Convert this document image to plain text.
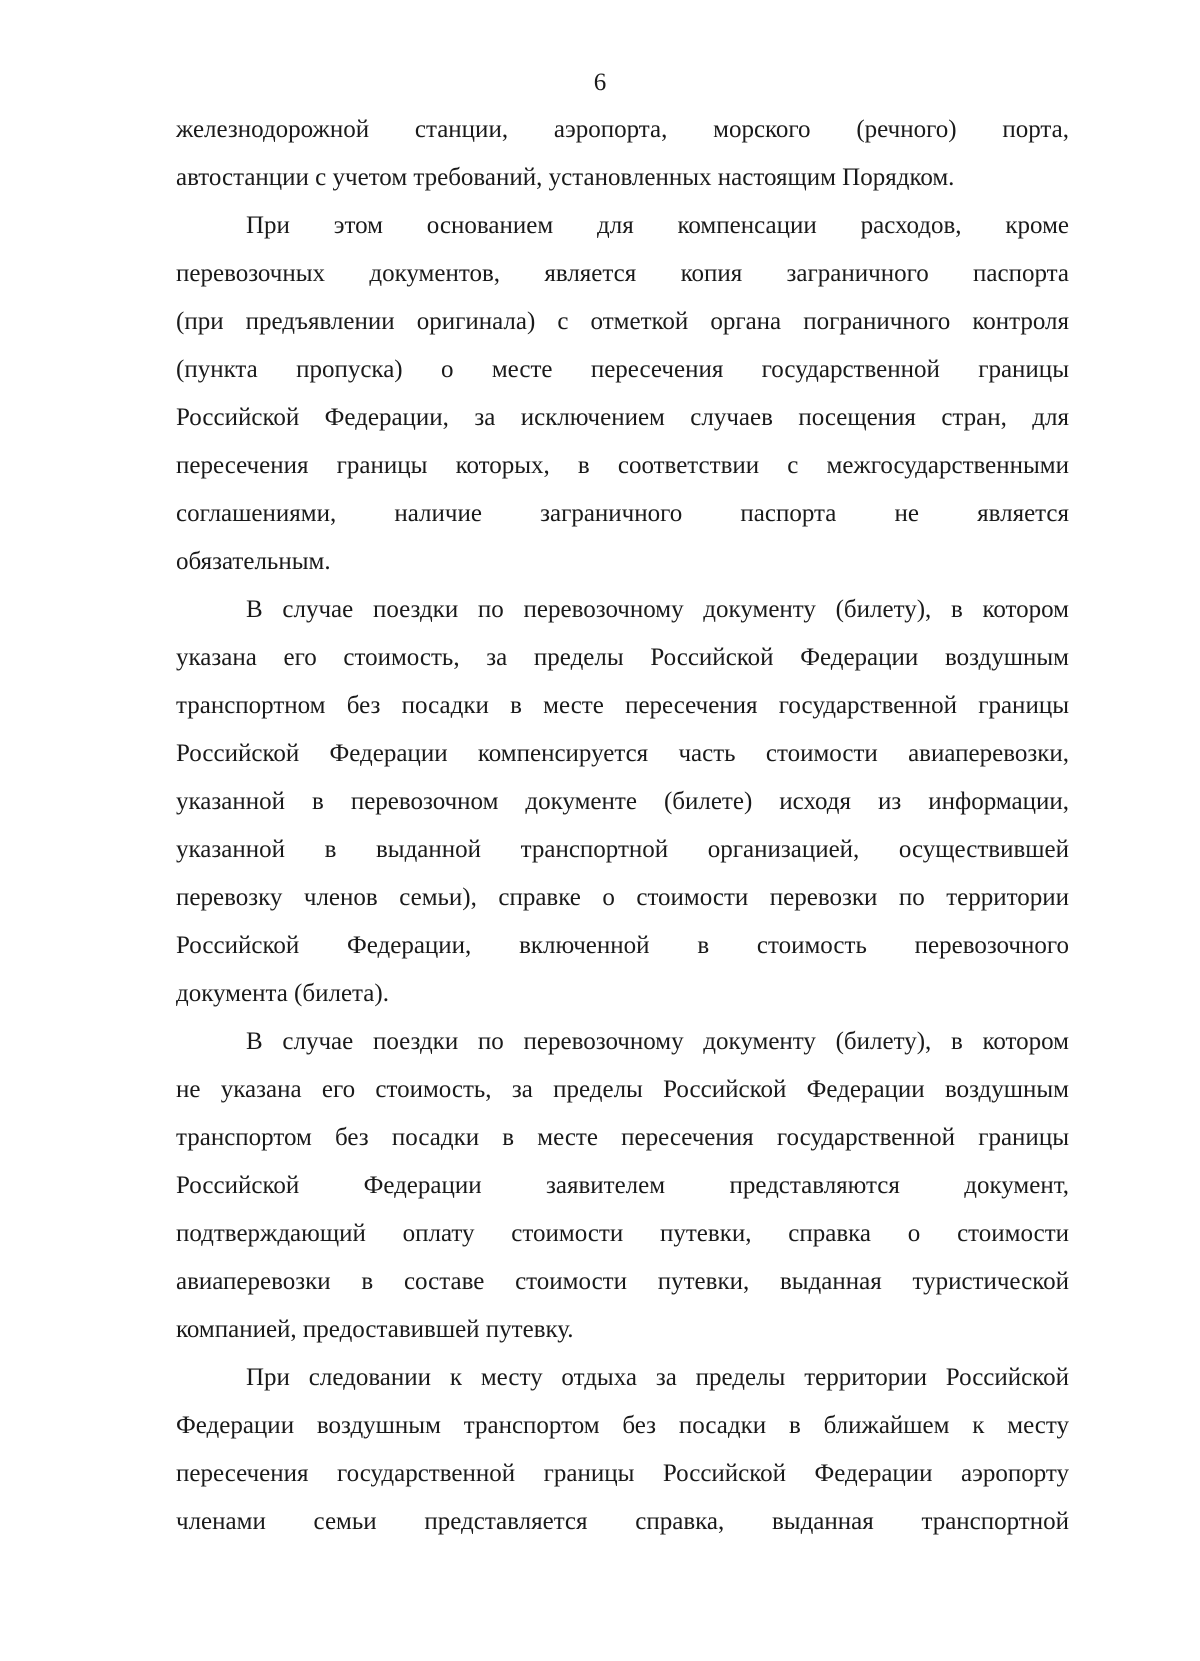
6
железнодорожной станции, аэропорта, морского (речного) порта,
автостанции с учетом требований, установленных настоящим Порядком.
При этом основанием для компенсации расходов, кроме
перевозочных документов, является копия заграничного паспорта
(при предъявлении оригинала) с отметкой органа пограничного контроля
(пункта пропуска) о месте пересечения государственной границы
Российской Федерации, за исключением случаев посещения стран, для
пересечения границы которых, в соответствии с межгосударственными
соглашениями, наличие заграничного паспорта не является
обязательным.
В случае поездки по перевозочному документу (билету), в котором
указана его стоимость, за пределы Российской Федерации воздушным
транспортном без посадки в месте пересечения государственной границы
Российской Федерации компенсируется часть стоимости авиаперевозки,
указанной в перевозочном документе (билете) исходя из информации,
указанной в выданной транспортной организацией, осуществившей
перевозку членов семьи), справке о стоимости перевозки по территории
Российской Федерации, включенной в стоимость перевозочного
документа (билета).
В случае поездки по перевозочному документу (билету), в котором
не указана его стоимость, за пределы Российской Федерации воздушным
транспортом без посадки в месте пересечения государственной границы
Российской Федерации заявителем представляются документ,
подтверждающий оплату стоимости путевки, справка о стоимости
авиаперевозки в составе стоимости путевки, выданная туристической
компанией, предоставившей путевку.
При следовании к месту отдыха за пределы территории Российской
Федерации воздушным транспортом без посадки в ближайшем к месту
пересечения государственной границы Российской Федерации аэропорту
членами семьи представляется справка, выданная транспортной
